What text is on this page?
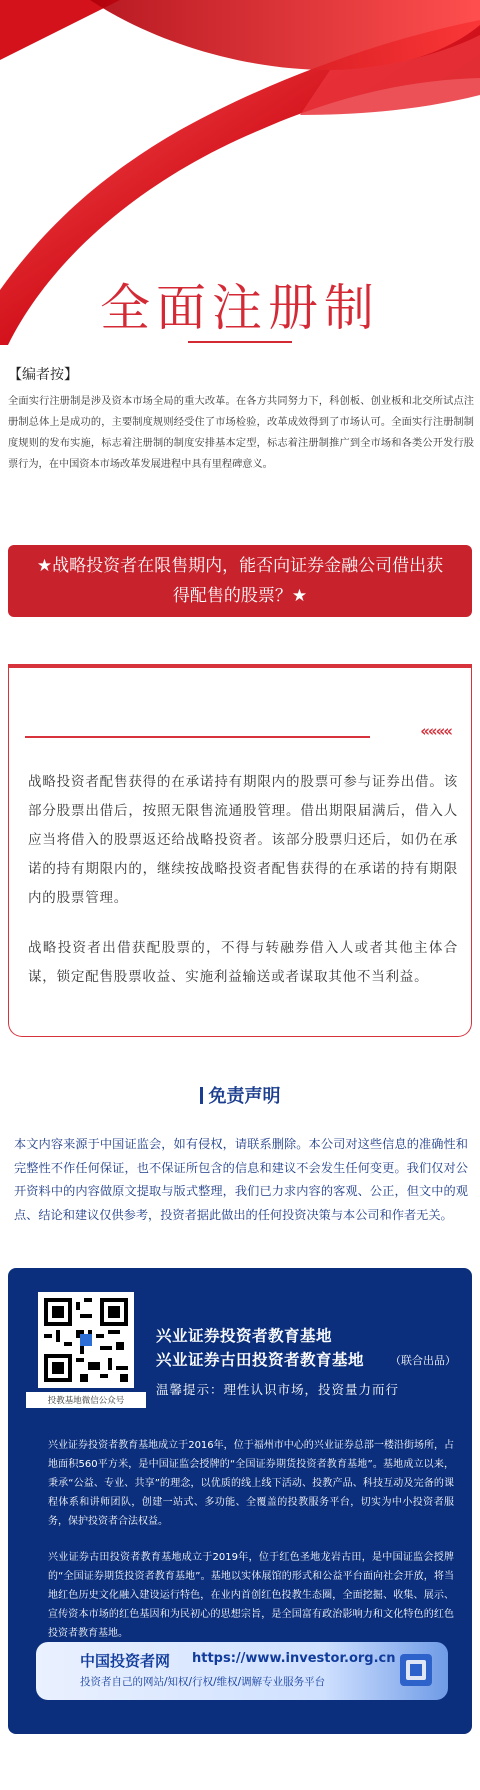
全面注册制
【编者按】
全面实行注册制是涉及资本市场全局的重大改革。在各方共同努力下，科创板、创业板和北交所试点注册制总体上是成功的，主要制度规则经受住了市场检验，改革成效得到了市场认可。全面实行注册制制度规则的发布实施，标志着注册制的制度安排基本定型，标志着注册制推广到全市场和各类公开发行股票行为，在中国资本市场改革发展进程中具有里程碑意义。
★战略投资者在限售期内，能否向证券金融公司借出获
得配售的股票？★
««««
战略投资者配售获得的在承诺持有期限内的股票可参与证券出借。该部分股票出借后，按照无限售流通股管理。借出期限届满后，借入人应当将借入的股票返还给战略投资者。该部分股票归还后，如仍在承诺的持有期限内的，继续按战略投资者配售获得的在承诺的持有期限内的股票管理。
战略投资者出借获配股票的，不得与转融券借入人或者其他主体合谋，锁定配售股票收益、实施利益输送或者谋取其他不当利益。
免责声明
本文内容来源于中国证监会，如有侵权，请联系删除。本公司对这些信息的准确性和完整性不作任何保证，也不保证所包含的信息和建议不会发生任何变更。我们仅对公开资料中的内容做原文提取与版式整理，我们已力求内容的客观、公正，但文中的观点、结论和建议仅供参考，投资者据此做出的任何投资决策与本公司和作者无关。
投教基地微信公众号
兴业证券投资者教育基地
兴业证券古田投资者教育基地 （联合出品）
温馨提示：理性认识市场，投资量力而行
兴业证券投资者教育基地成立于2016年，位于福州市中心的兴业证券总部一楼沿街场所，占地面积560平方米，是中国证监会授牌的“全国证券期货投资者教育基地”。基地成立以来，秉承“公益、专业、共享”的理念，以优质的线上线下活动、投教产品、科技互动及完备的课程体系和讲师团队，创建一站式、多功能、全覆盖的投教服务平台，切实为中小投资者服务，保护投资者合法权益。
兴业证券古田投资者教育基地成立于2019年，位于红色圣地龙岩古田，是中国证监会授牌的“全国证券期货投资者教育基地”。基地以实体展馆的形式和公益平台面向社会开放，将当地红色历史文化融入建设运行特色，在业内首创红色投教生态圈，全面挖掘、收集、展示、宣传资本市场的红色基因和为民初心的思想宗旨，是全国富有政治影响力和文化特色的红色投资者教育基地。
中国投资者网 https://www.investor.org.cn
投资者自己的网站/知权/行权/维权/调解专业服务平台
